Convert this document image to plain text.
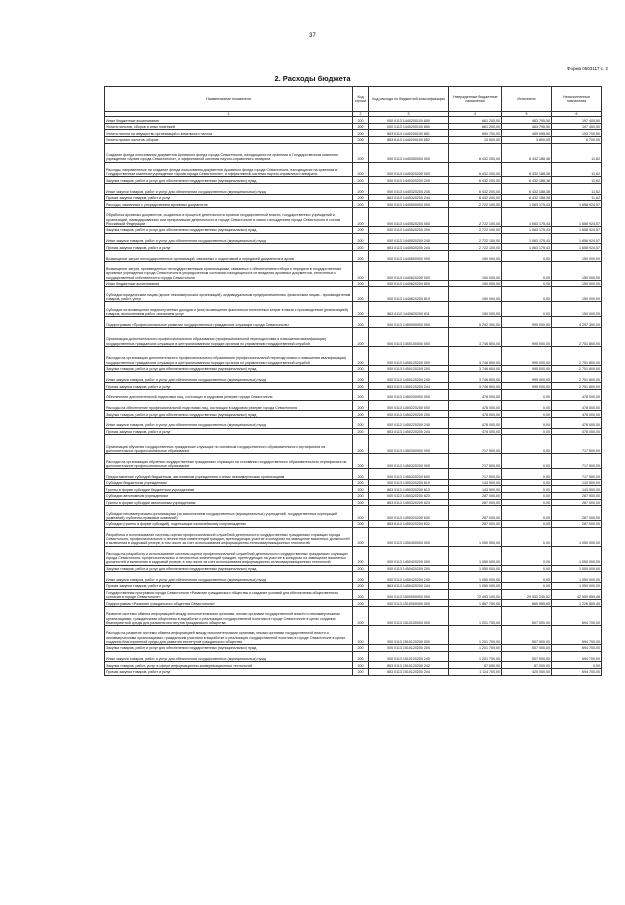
37
Форма 0503117 с. 2
2. Расходы бюджета
Наименование показателя	Код строки	Код расхода по бюджетной классификации	Утвержденные бюджетные назначения	Исполнено	Неисполненные назначения
1	2	3	4	5	6
Иные бюджетные ассигнования	200	000 0113 1440200100 800	661 200,00	463 795,50	197 400,50
Уплата налогов, сборов и иных платежей	200	000 0113 1440200100 850	661 200,00	463 795,50	197 400,50
Уплата налога на имущество организаций и земельного налога	200	863 0113 1440200100 851	650 700,00	459 095,50	193 700,50
Уплата прочих налогов, сборов	200	863 0113 1440200100 852	10 500,00	3 800,00	6 700,00
Создание фонда пользования документов Архивного фонда города Севастополя, находящихся на хранении в Государственном казенном учреждении «Архив города Севастополя», и эффективной системы научно-справочного аппарата	200	000 0113 1440300000 000	6 432 200,00	6 432 188,38	11,62
Расходы, направленные на создание фонда пользования документов Архивного фонда города Севастополя, находящихся на хранении в Государственном казенном учреждении «Архив города Севастополя», и эффективной системы научно-справочного аппарата	200	000 0113 1440320200 000	6 432 200,00	6 432 188,38	11,62
Закупка товаров, работ и услуг для обеспечения государственных (муниципальных) нужд	200	000 0113 1440320200 200	6 432 200,00	6 432 188,38	11,62
Иные закупки товаров, работ и услуг для обеспечения государственных (муниципальных) нужд	200	000 0113 1440320200 240	6 432 200,00	6 432 188,38	11,62
Прочая закупка товаров, работ и услуг	200	863 0113 1440320200 244	6 432 200,00	6 432 188,38	11,62
Расходы, связанные с упорядочением архивных документов	200	000 0113 1440500000 000	2 722 100,00	1 063 175,43	1 658 924,57
Обработка архивных документов, созданных в процессе деятельности органов государственной власти, государственных учреждений и организаций, ликвидированных или прекративших деятельность в городе Севастополе в связи с вхождением города Севастополя в состав Российской Федерации	200	000 0113 1440520200 000	2 722 100,00	1 063 175,43	1 658 924,57
Закупка товаров, работ и услуг для обеспечения государственных (муниципальных) нужд	200	000 0113 1440520200 200	2 722 100,00	1 063 175,43	1 658 924,57
Иные закупки товаров, работ и услуг для обеспечения государственных (муниципальных) нужд	200	000 0113 1440520200 240	2 722 100,00	1 063 175,43	1 658 924,57
Прочая закупка товаров, работ и услуг	200	863 0113 1440520200 244	2 722 100,00	1 063 175,43	1 658 924,57
Возмещение затрат негосударственных организаций, связанных с подготовкой и передачей документов в архив	200	000 0113 1440600000 000	150 000,00	0,00	150 000,00
Возмещение затрат, произведенных негосударственными организациями, связанных с обеспечением отбора и передачи в государственные архивные учреждения города Севастополя в упорядоченном состоянии находящихся в их владении архивных документов, отнесенных к государственной собственности города Севастополя	200	000 0113 1440620200 000	150 000,00	0,00	150 000,00
Иные бюджетные ассигнования	200	000 0113 1440620200 800	150 000,00	0,00	150 000,00
Субсидии юридическим лицам (кроме некоммерческих организаций), индивидуальным предпринимателям, физическим лицам - производителям товаров, работ, услуг	200	000 0113 1440620200 810	150 000,00	0,00	150 000,00
Субсидии на возмещение недополученных доходов и (или) возмещение фактически понесенных затрат в связи с производством (реализацией) товаров, выполнением работ, оказанием услуг	200	863 0113 1440620200 811	150 000,00	0,00	150 000,00
Подпрограмма «Профессиональное развитие государственных гражданских служащих города Севастополя»	200	000 0113 1450000000 000	5 292 300,00	995 000,00	4 297 300,00
Организация дополнительного профессионального образования (профессиональной переподготовки и повышения квалификации) государственных гражданских служащих в централизованном порядке органом по управлению государственной службой	200	000 0113 1450100000 000	3 746 800,00	995 000,00	2 751 800,00
Расходы на организацию дополнительного профессионального образования (профессиональной переподготовки и повышения квалификации) государственных гражданских служащих в централизованном порядке органом по управлению государственной службой	200	000 0113 1450120200 000	3 746 800,00	995 000,00	2 751 800,00
Закупка товаров, работ и услуг для обеспечения государственных (муниципальных) нужд	200	000 0113 1450120200 200	3 746 800,00	995 000,00	2 751 800,00
Иные закупки товаров, работ и услуг для обеспечения государственных (муниципальных) нужд	200	000 0113 1450120200 240	3 746 800,00	995 000,00	2 751 800,00
Прочая закупка товаров, работ и услуг	200	863 0113 1450120200 244	3 746 800,00	995 000,00	2 751 800,00
Обеспечение дополнительной подготовки лиц, состоящих в кадровом резерве города Севастополя	200	000 0113 1450200000 000	478 000,00	0,00	478 000,00
Расходы на обеспечение профессиональной подготовки лиц, состоящих в кадровом резерве города Севастополя	200	000 0113 1450220200 000	478 000,00	0,00	478 000,00
Закупка товаров, работ и услуг для обеспечения государственных (муниципальных) нужд	200	000 0113 1450220200 200	478 000,00	0,00	478 000,00
Иные закупки товаров, работ и услуг для обеспечения государственных (муниципальных) нужд	200	000 0113 1450220200 240	478 000,00	0,00	478 000,00
Прочая закупка товаров, работ и услуг	200	863 0113 1450220200 244	478 000,00	0,00	478 000,00
Организация обучения государственных гражданских служащих по основным государственного образовательного сертификата на дополнительное профессиональное образование	200	000 0113 1450300000 000	717 500,00	0,00	717 500,00
Расходы на организацию обучения государственных гражданских служащих на основании государственного образовательного сертификата на дополнительное профессиональное образование	200	000 0113 1450320200 000	717 500,00	0,00	717 500,00
Предоставление субсидий бюджетным, автономным учреждениям и иным некоммерческим организациям	200	000 0113 1450320200 600	717 500,00	0,00	717 500,00
Субсидии бюджетным учреждениям	200	000 0113 1450320200 610	143 500,00	0,00	143 500,00
Гранты в форме субсидии бюджетным учреждениям	200	863 0113 1450320200 613	143 500,00	0,00	143 500,00
Субсидии автономным учреждениям	200	000 0113 1450320200 620	287 000,00	0,00	287 000,00
Гранты в форме субсидии автономным учреждениям	200	863 0113 1450320200 623	287 000,00	0,00	287 000,00
Субсидии некоммерческим организациям (за исключением государственных (муниципальных) учреждений, государственных корпораций (компаний), публично-правовых компаний)	200	000 0113 1450320200 630	287 000,00	0,00	287 000,00
Субсидии (гранты в форме субсидий), подлежащие казначейскому сопровождению	200	863 0113 1450320200 632	287 000,00	0,00	287 000,00
Разработка и использование системы оценки профессиональной служебной деятельности государственных гражданских служащих города Севастополя, профессиональных и личностных компетенций граждан, претендующих участие в конкурсах на замещение вакантных должностей и включения в кадровый резерв, в том числе за счет использования информационно-телекоммуникационных технологий	200	000 0113 1450400000 000	1 050 000,00	0,00	1 050 000,00
Расходы на разработку и использование системы оценки профессиональной служебной деятельности государственных гражданских служащих города Севастополя, профессиональных и личностных компетенций граждан, претендующих на участие в конкурсах на замещение вакантных должностей и включение в кадровый резерв, в том числе за счет использования информационно-телекоммуникационных технологий	200	000 0113 1450420200 000	1 050 000,00	0,00	1 050 000,00
Закупка товаров, работ и услуг для обеспечения государственных (муниципальных) нужд	200	000 0113 1450420200 200	1 050 000,00	0,00	1 050 000,00
Иные закупки товаров, работ и услуг для обеспечения государственных (муниципальных) нужд	200	000 0113 1450420200 240	1 050 000,00	0,00	1 050 000,00
Прочая закупка товаров, работ и услуг	200	863 0113 1450420200 244	1 050 000,00	0,00	1 050 000,00
Государственная программа города Севастополя «Развитие гражданского общества и создание условий для обеспечения общественного согласия в городе Севастополе»	200	000 0113 1500000000 000	72 493 100,00	29 933 240,52	42 559 859,48
Подпрограмма «Развитие гражданского общества Севастополя»	200	000 0113 1510000000 000	1 887 760,00	660 955,60	1 226 805,40
Развитие системы обмена информацией между исполнительными органами, иными органами государственной власти и некоммерческими организациями, гражданскими обществом в выработке и реализации государственной политики в городе Севастополе в целях создания благоприятной среды для развития институтов гражданского общества	200	000 0113 1510100000 000	1 201 700,00	507 000,00	694 700,00
Расходы на развитие системы обмена информацией между исполнительными органами, иными органами государственной власти и некоммерческими организациями, гражданским участием в выработке и реализации государственной политики в городе Севастополе в целях создания благоприятной среды для развития институтов гражданского общества	200	000 0113 1510120200 000	1 201 700,00	507 000,00	694 700,00
Закупка товаров, работ и услуг для обеспечения государственных (муниципальных) нужд	200	000 0113 1510120200 200	1 201 700,00	507 000,00	694 700,00
Иные закупки товаров, работ и услуг для обеспечения государственных (муниципальных) нужд	200	000 0113 1510120200 240	1 201 700,00	507 000,00	694 700,00
Закупка товаров, работ, услуг в сфере информационно-коммуникационных технологий	200	863 0113 1510120200 242	87 000,00	87 000,00	0,00
Прочая закупка товаров, работ и услуг	200	863 0113 1510120200 244	1 114 700,00	420 000,00	694 700,00
